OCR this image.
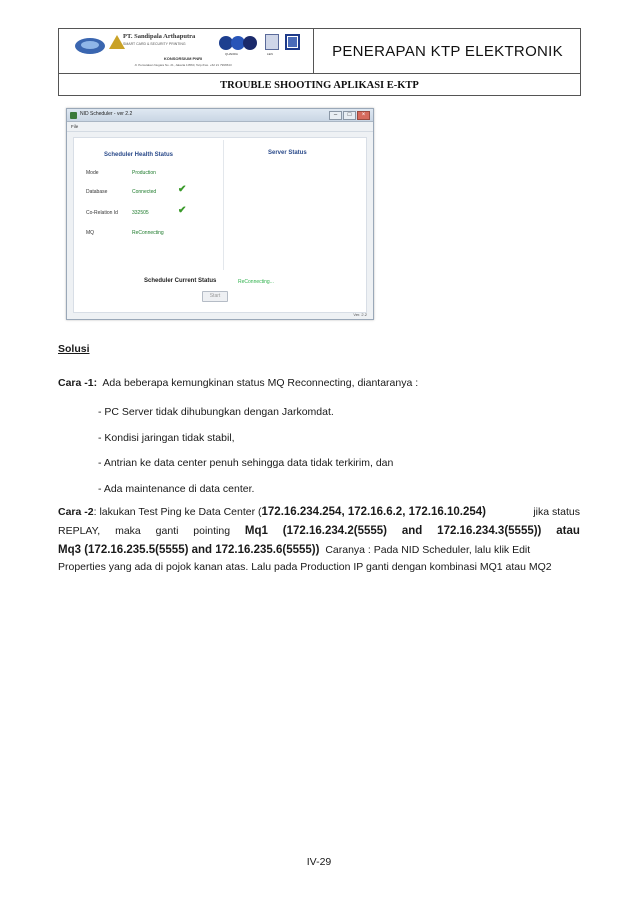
PT. Sandipala Arthaputra
SMART CARD & SECURITY PRINTING
KONSORSIUM PNRI
Jl. Percetakan Negara No. 21, Jakarta 10560, Telp./Fax. +62 21 7996543
QUADRA	LEN	PENERAPAN KTP ELEKTRONIK
TROUBLE SHOOTING APLIKASI E-KTP
NID Scheduler - ver 2.2	–	□	×
File
Scheduler Health Status
Mode	Production
Database	Connected ✔
Co-Relation Id	332505	✔
MQ	ReConnecting
Server Status
Scheduler Current Status	ReConnecting...
Start
Ver. 2.2
Solusi
Cara -1: Ada beberapa kemungkinan status MQ Reconnecting, diantaranya :
- PC Server tidak dihubungkan dengan Jarkomdat.
- Kondisi jaringan tidak stabil,
- Antrian ke data center penuh sehingga data tidak terkirim, dan
- Ada maintenance di data center.
Cara -2: lakukan Test Ping ke Data Center (172.16.234.254, 172.16.6.2, 172.16.10.254)	jika status
REPLAY, maka ganti pointing Mq1 (172.16.234.2(5555) and 172.16.234.3(5555)) atau
Mq3 (172.16.235.5(5555) and 172.16.235.6(5555)) Caranya : Pada NID Scheduler, lalu klik Edit
Properties yang ada di pojok kanan atas. Lalu pada Production IP ganti dengan kombinasi MQ1 atau MQ2
IV-29
